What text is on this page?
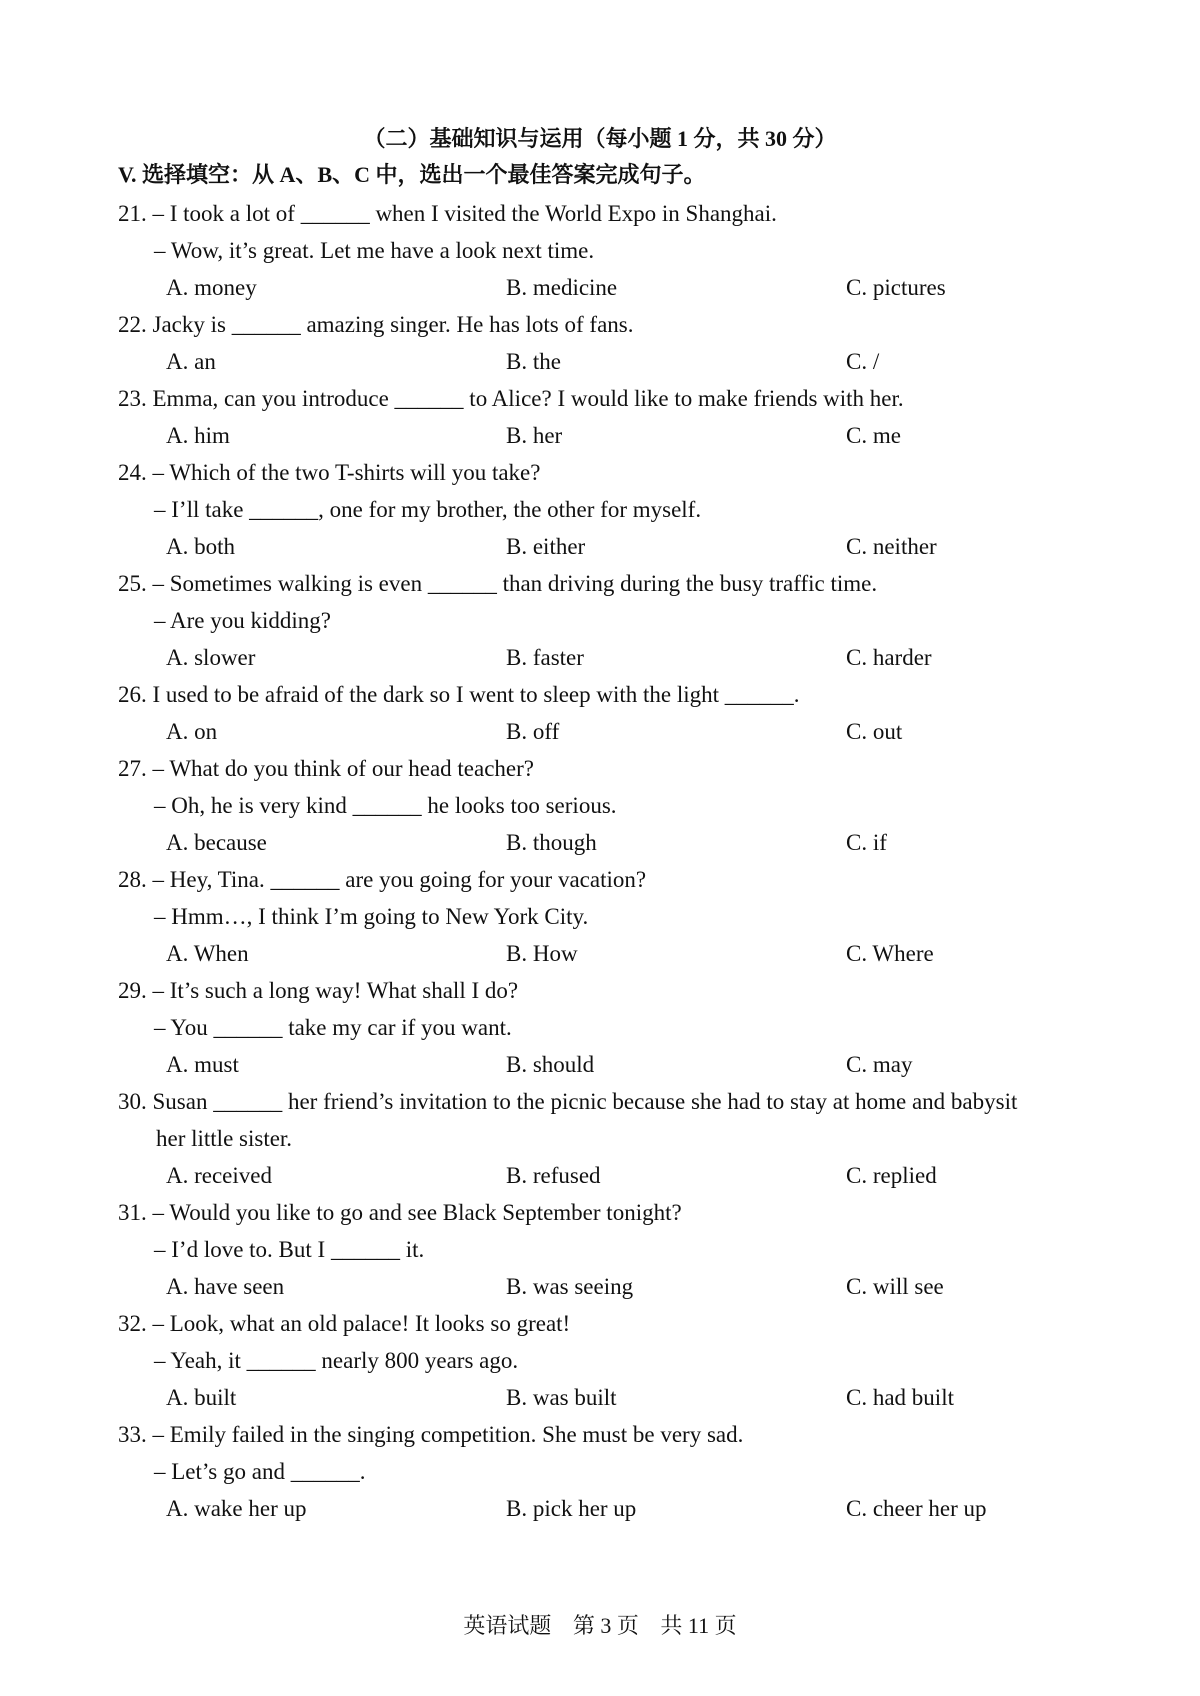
（二）基础知识与运用（每小题 1 分，共 30 分）
V. 选择填空：从 A、B、C 中，选出一个最佳答案完成句子。
21. – I took a lot of ______ when I visited the World Expo in Shanghai.
– Wow, it’s great. Let me have a look next time.
A. money	B. medicine	C. pictures
22. Jacky is ______ amazing singer. He has lots of fans.
A. an	B. the	C. /
23. Emma, can you introduce ______ to Alice? I would like to make friends with her.
A. him	B. her	C. me
24. – Which of the two T-shirts will you take?
– I’ll take ______, one for my brother, the other for myself.
A. both	B. either	C. neither
25. – Sometimes walking is even ______ than driving during the busy traffic time.
– Are you kidding?
A. slower	B. faster	C. harder
26. I used to be afraid of the dark so I went to sleep with the light ______.
A. on	B. off	C. out
27. – What do you think of our head teacher?
– Oh, he is very kind ______ he looks too serious.
A. because	B. though	C. if
28. – Hey, Tina. ______ are you going for your vacation?
– Hmm…, I think I’m going to New York City.
A. When	B. How	C. Where
29. – It’s such a long way! What shall I do?
– You ______ take my car if you want.
A. must	B. should	C. may
30. Susan ______ her friend’s invitation to the picnic because she had to stay at home and babysit
her little sister.
A. received	B. refused	C. replied
31. – Would you like to go and see Black September tonight?
– I’d love to. But I ______ it.
A. have seen	B. was seeing	C. will see
32. – Look, what an old palace! It looks so great!
– Yeah, it ______ nearly 800 years ago.
A. built	B. was built	C. had built
33. – Emily failed in the singing competition. She must be very sad.
– Let’s go and ______.
A. wake her up	B. pick her up	C. cheer her up
英语试题 第 3 页 共 11 页
